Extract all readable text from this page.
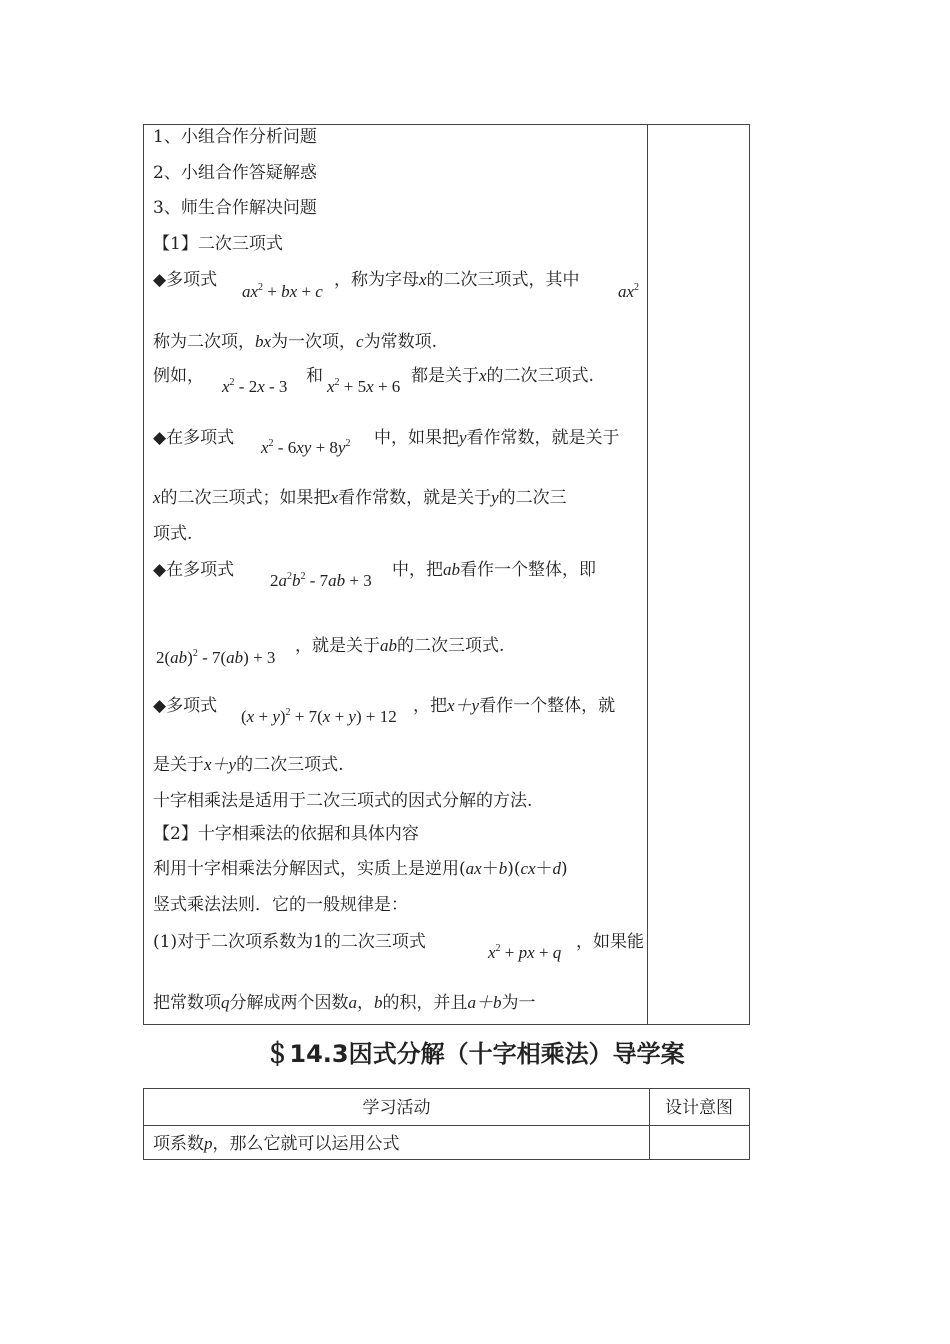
1、小组合作分析问题
2、小组合作答疑解惑
3、师生合作解决问题
【1】二次三项式
◆多项式
$ax^2$ + bx + c
，称为字母x的二次三项式，其中
$ax^2$
称为二次项，bx为一次项，c为常数项.
例如，
$x^2 - 2x - 3$
和
$x^2 + 5x + 6$
都是关于x的二次三项式.
◆在多项式 $x^2 - 6xy + 8y^2$ 中，如果把y看作常数，就是关于
x的二次三项式；如果把x看作常数，就是关于y的二次三
项式.
◆在多项式
$2a^2b^2 - 7ab + 3$
中，把ab看作一个整体，即
2(ab)$^2$ - 7(ab) + 3
，就是关于ab的二次三项式.
◆多项式
$(x + y)^2 + 7(x + y) + 12$
，把x＋y看作一个整体，就
是关于x＋y的二次三项式.
十字相乘法是适用于二次三项式的因式分解的方法.
【2】十字相乘法的依据和具体内容
利用十字相乘法分解因式，实质上是逆用(ax＋b)(cx＋d)
竖式乘法法则．它的一般规律是：
(1)对于二次项系数为1的二次三项式
$x^2$ + px + q
，如果能
把常数项q分解成两个因数a，b的积，并且a＋b为一
＄14.3因式分解（十字相乘法）导学案
学习活动	设计意图
项系数p，那么它就可以运用公式
